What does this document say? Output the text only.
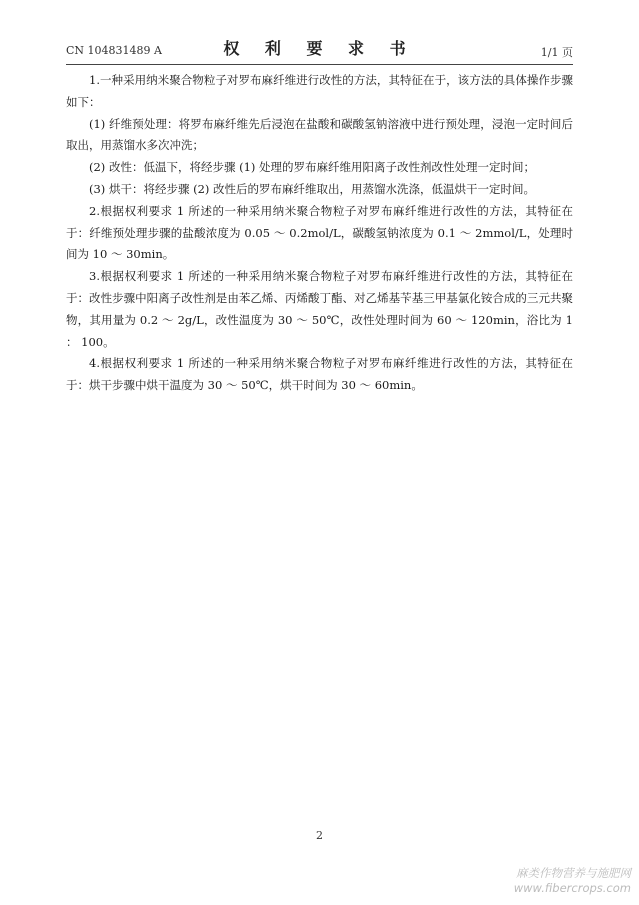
CN 104831489 A	权 利 要 求 书	1/1 页

1.一种采用纳米聚合物粒子对罗布麻纤维进行改性的方法，其特征在于，该方法的具体操作步骤如下：

(1) 纤维预处理：将罗布麻纤维先后浸泡在盐酸和碳酸氢钠溶液中进行预处理，浸泡一定时间后取出，用蒸馏水多次冲洗；

(2) 改性：低温下，将经步骤 (1) 处理的罗布麻纤维用阳离子改性剂改性处理一定时间；

(3) 烘干：将经步骤 (2) 改性后的罗布麻纤维取出，用蒸馏水洗涤，低温烘干一定时间。

2.根据权利要求 1 所述的一种采用纳米聚合物粒子对罗布麻纤维进行改性的方法，其特征在于：纤维预处理步骤的盐酸浓度为 0.05 ～ 0.2mol/L，碳酸氢钠浓度为 0.1 ～ 2mmol/L，处理时间为 10 ～ 30min。

3.根据权利要求 1 所述的一种采用纳米聚合物粒子对罗布麻纤维进行改性的方法，其特征在于：改性步骤中阳离子改性剂是由苯乙烯、丙烯酸丁酯、对乙烯基苄基三甲基氯化铵合成的三元共聚物，其用量为 0.2 ～ 2g/L，改性温度为 30 ～ 50℃，改性处理时间为 60 ～ 120min，浴比为 1 ： 100。

4.根据权利要求 1 所述的一种采用纳米聚合物粒子对罗布麻纤维进行改性的方法，其特征在于：烘干步骤中烘干温度为 30 ～ 50℃，烘干时间为 30 ～ 60min。

2
麻类作物营养与施肥网
www.fibercrops.com
